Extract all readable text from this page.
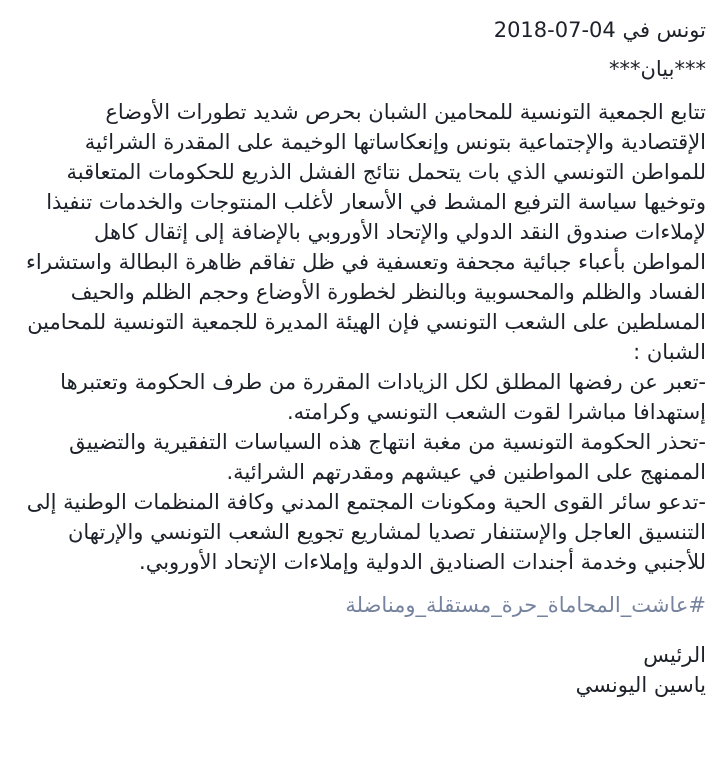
تونس في 04-07-2018
***بيان***

تتابع الجمعية التونسية للمحامين الشبان بحرص شديد تطورات الأوضاع الإقتصادية والإجتماعية بتونس وإنعكاساتها الوخيمة على المقدرة الشرائية للمواطن التونسي الذي بات يتحمل نتائج الفشل الذريع للحكومات المتعاقبة وتوخيها سياسة الترفيع المشط في الأسعار لأغلب المنتوجات والخدمات تنفيذا لإملاءات صندوق النقد الدولي والإتحاد الأوروبي بالإضافة إلى إثقال كاهل المواطن بأعباء جبائية مجحفة وتعسفية في ظل تفاقم ظاهرة البطالة واستشراء الفساد والظلم والمحسوبية وبالنظر لخطورة الأوضاع وحجم الظلم والحيف المسلطين على الشعب التونسي فإن الهيئة المديرة للجمعية التونسية للمحامين الشبان :

-تعبر عن رفضها المطلق لكل الزيادات المقررة من طرف الحكومة وتعتبرها إستهدافا مباشرا لقوت الشعب التونسي وكرامته.

-تحذر الحكومة التونسية من مغبة انتهاج هذه السياسات التفقيرية والتضييق الممنهج على المواطنين في عيشهم ومقدرتهم الشرائية.

-تدعو سائر القوى الحية ومكونات المجتمع المدني وكافة المنظمات الوطنية إلى التنسيق العاجل والإستنفار تصديا لمشاريع تجويع الشعب التونسي والإرتهان للأجنبي وخدمة أجندات الصناديق الدولية وإملاءات الإتحاد الأوروبي.

#عاشت_المحاماة_حرة_مستقلة_ومناضلة
الرئيس
ياسين اليونسي
